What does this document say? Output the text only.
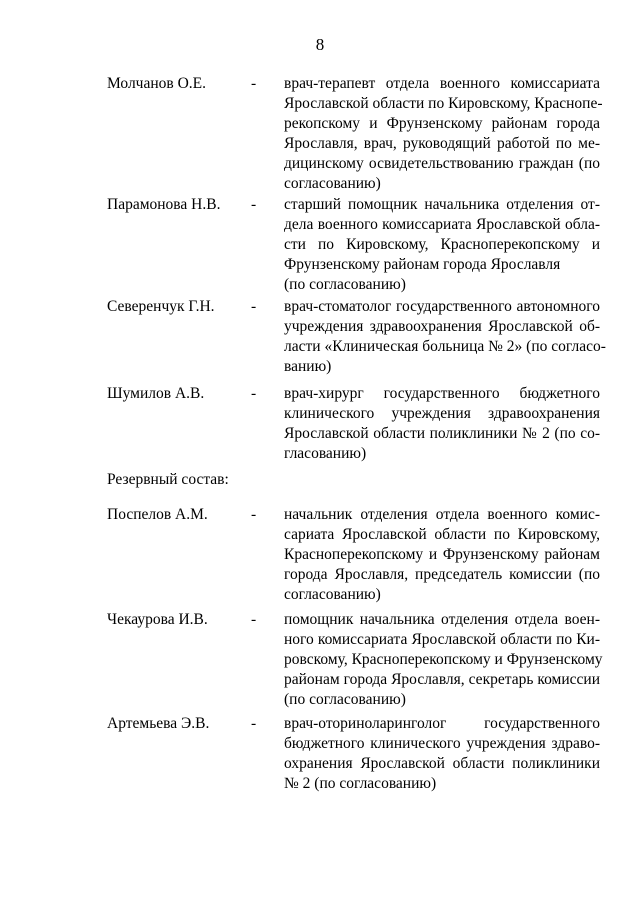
8
Молчанов О.Е.	- врач-терапевт отдела военного комиссариата
Ярославской области по Кировскому, Краснопе-
рекопскому и Фрунзенскому районам города
Ярославля, врач, руководящий работой по ме-
дицинскому освидетельствованию граждан (по
согласованию)
Парамонова Н.В. - старший помощник начальника отделения от-
дела военного комиссариата Ярославской обла-
сти по Кировскому, Красноперекопскому и
Фрунзенскому районам города Ярославля
(по согласованию)
Северенчук Г.Н. - врач-стоматолог государственного автономного
учреждения здравоохранения Ярославской об-
ласти «Клиническая больница № 2» (по согласо-
ванию)
Шумилов А.В.	- врач-хирург государственного бюджетного
клинического учреждения здравоохранения
Ярославской области поликлиники № 2 (по со-
гласованию)
Резервный состав:
Поспелов А.М.	- начальник отделения отдела военного комис-
сариата Ярославской области по Кировскому,
Красноперекопскому и Фрунзенскому районам
города Ярославля, председатель комиссии (по
согласованию)
Чекаурова И.В.	- помощник начальника отделения отдела воен-
ного комиссариата Ярославской области по Ки-
ровскому, Красноперекопскому и Фрунзенскому
районам города Ярославля, секретарь комиссии
(по согласованию)
Артемьева Э.В.	- врач-оториноларинголог государственного
бюджетного клинического учреждения здраво-
охранения Ярославской области поликлиники
№ 2 (по согласованию)
